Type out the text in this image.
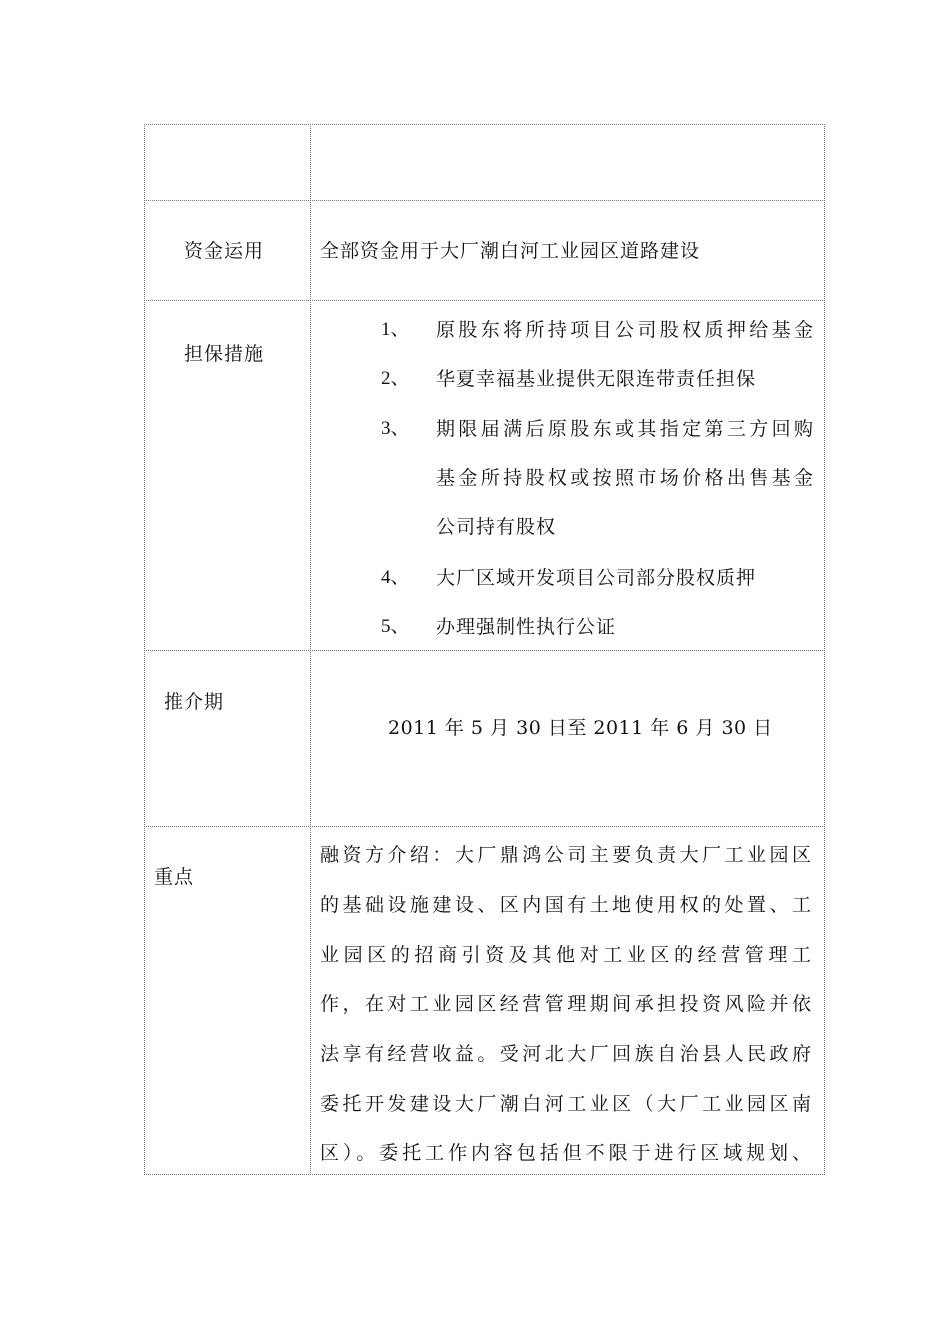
资金运用	全部资金用于大厂潮白河工业园区道路建设
担保措施
1、 原股东将所持项目公司股权质押给基金
2、 华夏幸福基业提供无限连带责任担保
3、 期限届满后原股东或其指定第三方回购
基金所持股权或按照市场价格出售基金
公司持有股权
4、 大厂区域开发项目公司部分股权质押
5、 办理强制性执行公证
推介期
2011 年 5 月 30 日至 2011 年 6 月 30 日
重点
融资方介绍：大厂鼎鸿公司主要负责大厂工业园区
的基础设施建设、区内国有土地使用权的处置、工
业园区的招商引资及其他对工业区的经营管理工
作，在对工业园区经营管理期间承担投资风险并依
法享有经营收益。受河北大厂回族自治县人民政府
委托开发建设大厂潮白河工业区（大厂工业园区南
区）。委托工作内容包括但不限于进行区域规划、
